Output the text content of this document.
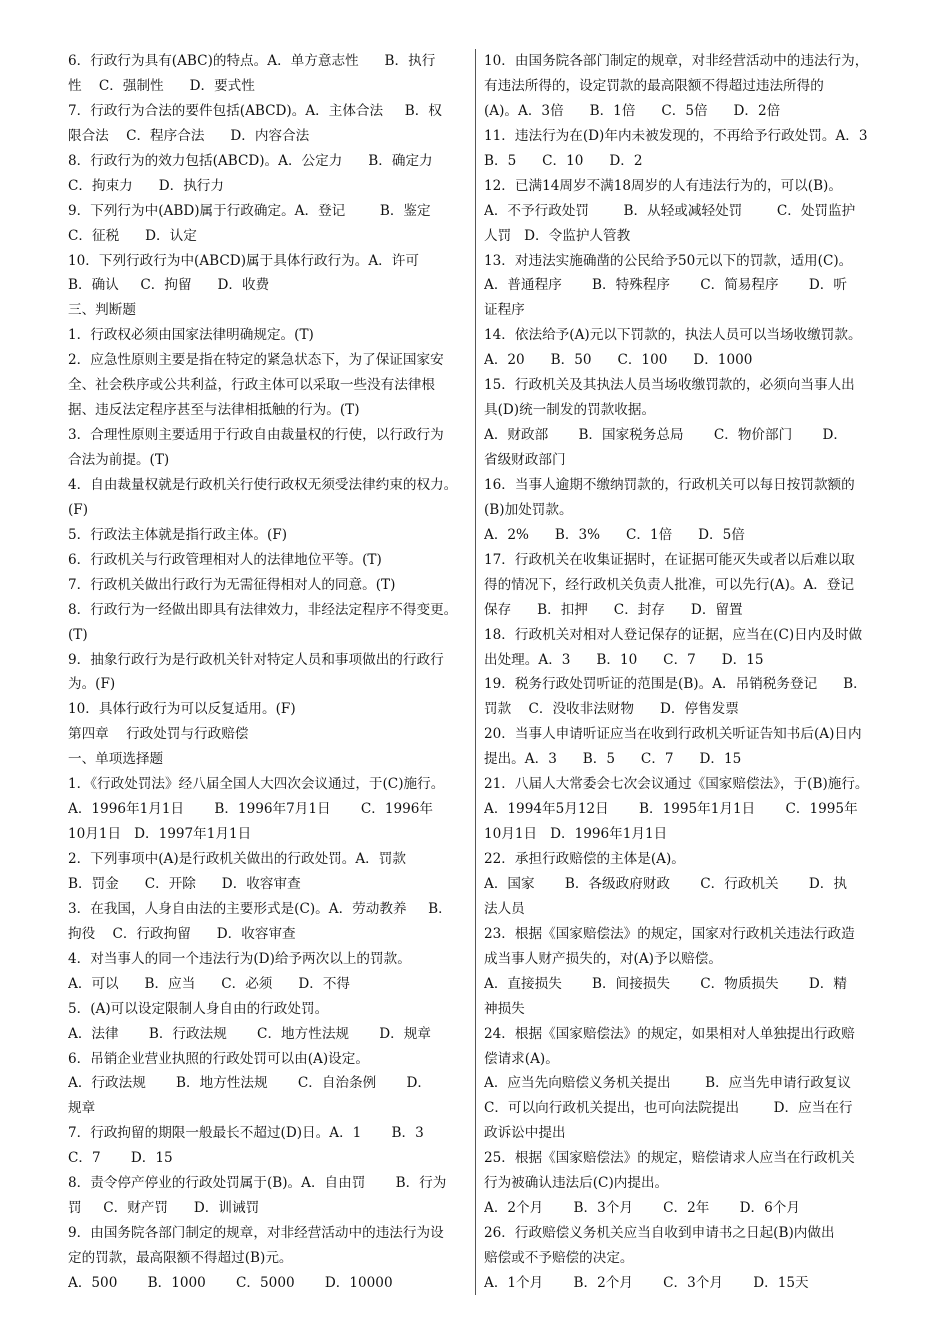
6．行政行为具有(ABC)的特点。A．单方意志性      B．执行
性    C．强制性      D．要式性
7．行政行为合法的要件包括(ABCD)。A．主体合法     B．权
限合法    C．程序合法      D．内容合法
8．行政行为的效力包括(ABCD)。A．公定力      B．确定力
C．拘束力      D．执行力
9．下列行为中(ABD)属于行政确定。A．登记        B．鉴定
C．征税      D．认定
10．下列行政行为中(ABCD)属于具体行政行为。A．许可
B．确认     C．拘留      D．收费
三、判断题
1．行政权必须由国家法律明确规定。(T)
2．应急性原则主要是指在特定的紧急状态下，为了保证国家安
全、社会秩序或公共利益，行政主体可以采取一些没有法律根
据、违反法定程序甚至与法律相抵触的行为。(T)
3．合理性原则主要适用于行政自由裁量权的行使，以行政行为
合法为前提。(T)
4．自由裁量权就是行政机关行使行政权无须受法律约束的权力。
(F)
5．行政法主体就是指行政主体。(F)
6．行政机关与行政管理相对人的法律地位平等。(T)
7．行政机关做出行政行为无需征得相对人的同意。(T)
8．行政行为一经做出即具有法律效力，非经法定程序不得变更。
(T)
9．抽象行政行为是行政机关针对特定人员和事项做出的行政行
为。(F)
10．具体行政行为可以反复适用。(F)
第四章    行政处罚与行政赔偿
一、单项选择题
1．《行政处罚法》经八届全国人大四次会议通过，于(C)施行。
A．1996年1月1日       B．1996年7月1日       C．1996年
10月1日   D．1997年1月1日
2．下列事项中(A)是行政机关做出的行政处罚。A．罚款
B．罚金      C．开除      D．收容审查
3．在我国，人身自由法的主要形式是(C)。A．劳动教养     B．
拘役    C．行政拘留      D．收容审查
4．对当事人的同一个违法行为(D)给予两次以上的罚款。
A．可以      B．应当      C．必须      D．不得
5．(A)可以设定限制人身自由的行政处罚。
A．法律       B．行政法规       C．地方性法规       D．规章
6．吊销企业营业执照的行政处罚可以由(A)设定。
A．行政法规       B．地方性法规       C．自治条例       D．
规章
7．行政拘留的期限一般最长不超过(D)日。A．1       B．3
C．7       D．15
8．责令停产停业的行政处罚属于(B)。A．自由罚       B．行为
罚     C．财产罚      D．训诫罚
9．由国务院各部门制定的规章，对非经营活动中的违法行为设
定的罚款，最高限额不得超过(B)元。
A．500       B．1000       C．5000       D．10000
10．由国务院各部门制定的规章，对非经营活动中的违法行为，
有违法所得的，设定罚款的最高限额不得超过违法所得的
(A)。A．3倍      B．1倍      C．5倍      D．2倍
11．违法行为在(D)年内未被发现的，不再给予行政处罚。A．3
B．5      C．10      D．2
12．已满14周岁不满18周岁的人有违法行为的，可以(B)。
A．不予行政处罚        B．从轻或减轻处罚        C．处罚监护
人罚   D．令监护人管教
13．对违法实施确凿的公民给予50元以下的罚款，适用(C)。
A．普通程序       B．特殊程序       C．简易程序       D．听
证程序
14．依法给予(A)元以下罚款的，执法人员可以当场收缴罚款。
A．20      B．50      C．100      D．1000
15．行政机关及其执法人员当场收缴罚款的，必须向当事人出
具(D)统一制发的罚款收据。
A．财政部       B．国家税务总局       C．物价部门       D．
省级财政部门
16．当事人逾期不缴纳罚款的，行政机关可以每日按罚款额的
(B)加处罚款。
A．2%      B．3%      C．1倍      D．5倍
17．行政机关在收集证据时，在证据可能灭失或者以后难以取
得的情况下，经行政机关负责人批准，可以先行(A)。A．登记
保存      B．扣押      C．封存      D．留置
18．行政机关对相对人登记保存的证据，应当在(C)日内及时做
出处理。A．3      B．10      C．7      D．15
19．税务行政处罚听证的范围是(B)。A．吊销税务登记      B．
罚款    C．没收非法财物      D．停售发票
20．当事人申请听证应当在收到行政机关听证告知书后(A)日内
提出。A．3      B．5      C．7      D．15
21．八届人大常委会七次会议通过《国家赔偿法》，于(B)施行。
A．1994年5月12日       B．1995年1月1日       C．1995年
10月1日   D．1996年1月1日
22．承担行政赔偿的主体是(A)。
A．国家       B．各级政府财政       C．行政机关       D．执
法人员
23．根据《国家赔偿法》的规定，国家对行政机关违法行政造
成当事人财产损失的，对(A)予以赔偿。
A．直接损失       B．间接损失       C．物质损失       D．精
神损失
24．根据《国家赔偿法》的规定，如果相对人单独提出行政赔
偿请求(A)。
A．应当先向赔偿义务机关提出        B．应当先申请行政复议
C．可以向行政机关提出，也可向法院提出        D．应当在行
政诉讼中提出
25．根据《国家赔偿法》的规定，赔偿请求人应当在行政机关
行为被确认违法后(C)内提出。
A．2个月       B．3个月       C．2年       D．6个月
26．行政赔偿义务机关应当自收到申请书之日起(B)内做出
赔偿或不予赔偿的决定。
A．1个月       B．2个月       C．3个月       D．15天
